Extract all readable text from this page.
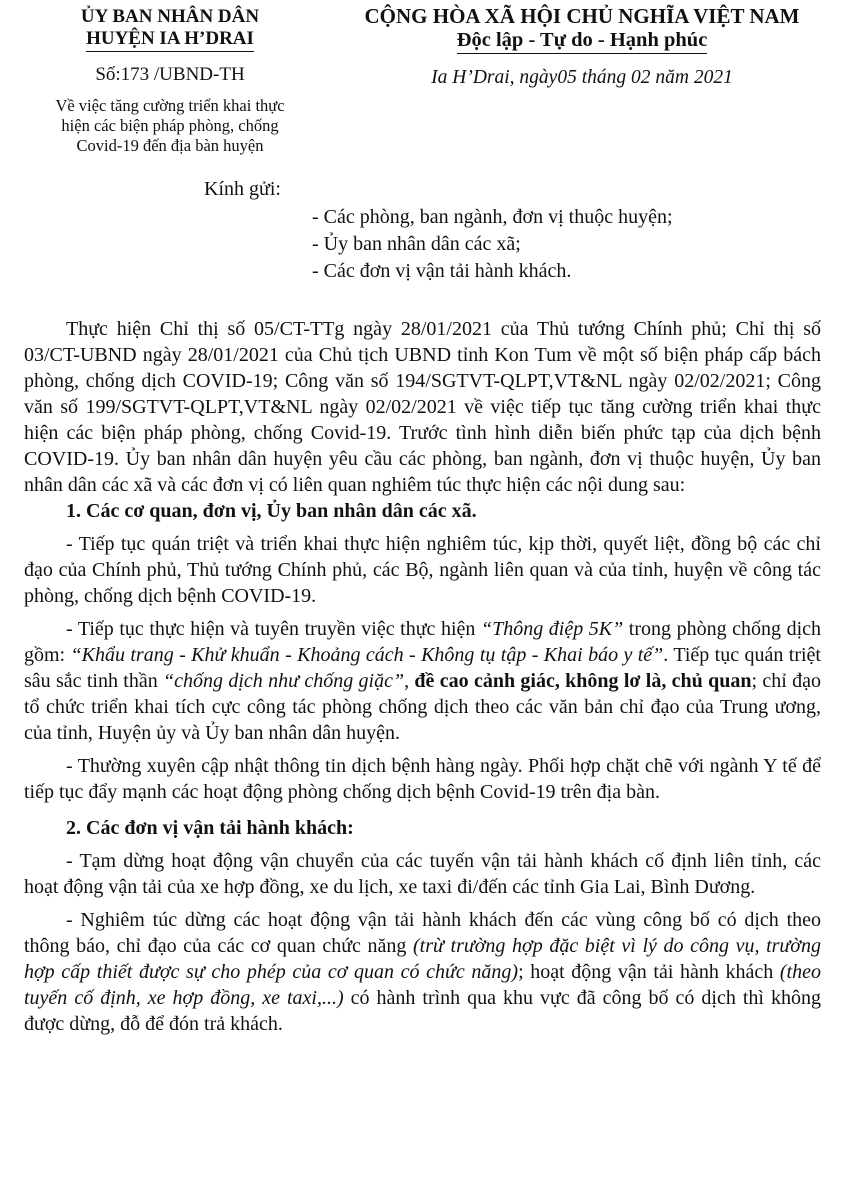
ỦY BAN NHÂN DÂN
HUYỆN IA H’DRAI
Số:173 /UBND-TH
Về việc tăng cường triển khai thực
hiện các biện pháp phòng, chống
Covid-19 đến địa bàn huyện
CỘNG HÒA XÃ HỘI CHỦ NGHĨA VIỆT NAM
Độc lập - Tự do - Hạnh phúc
Ia H’Drai, ngày05 tháng 02 năm 2021
Kính gửi:
- Các phòng, ban ngành, đơn vị thuộc huyện;
- Ủy ban nhân dân các xã;
- Các đơn vị vận tải hành khách.

Thực hiện Chỉ thị số 05/CT-TTg ngày 28/01/2021 của Thủ tướng Chính phủ; Chỉ thị số 03/CT-UBND ngày 28/01/2021 của Chủ tịch UBND tỉnh Kon Tum về một số biện pháp cấp bách phòng, chống dịch COVID-19; Công văn số 194/SGTVT-QLPT,VT&NL ngày 02/02/2021; Công văn số 199/SGTVT-QLPT,VT&NL ngày 02/02/2021 về việc tiếp tục tăng cường triển khai thực hiện các biện pháp phòng, chống Covid-19. Trước tình hình diễn biến phức tạp của dịch bệnh COVID-19. Ủy ban nhân dân huyện yêu cầu các phòng, ban ngành, đơn vị thuộc huyện, Ủy ban nhân dân các xã và các đơn vị có liên quan nghiêm túc thực hiện các nội dung sau:

1. Các cơ quan, đơn vị, Ủy ban nhân dân các xã.

- Tiếp tục quán triệt và triển khai thực hiện nghiêm túc, kịp thời, quyết liệt, đồng bộ các chỉ đạo của Chính phủ, Thủ tướng Chính phủ, các Bộ, ngành liên quan và của tỉnh, huyện về công tác phòng, chống dịch bệnh COVID-19.

- Tiếp tục thực hiện và tuyên truyền việc thực hiện “Thông điệp 5K” trong phòng chống dịch gồm: “Khẩu trang - Khử khuẩn - Khoảng cách - Không tụ tập - Khai báo y tế”. Tiếp tục quán triệt sâu sắc tinh thần “chống dịch như chống giặc”, đề cao cảnh giác, không lơ là, chủ quan; chỉ đạo tổ chức triển khai tích cực công tác phòng chống dịch theo các văn bản chỉ đạo của Trung ương, của tỉnh, Huyện ủy và Ủy ban nhân dân huyện.

- Thường xuyên cập nhật thông tin dịch bệnh hàng ngày. Phối hợp chặt chẽ với ngành Y tế để tiếp tục đẩy mạnh các hoạt động phòng chống dịch bệnh Covid-19 trên địa bàn.

2. Các đơn vị vận tải hành khách:

- Tạm dừng hoạt động vận chuyển của các tuyến vận tải hành khách cố định liên tỉnh, các hoạt động vận tải của xe hợp đồng, xe du lịch, xe taxi đi/đến các tỉnh Gia Lai, Bình Dương.

- Nghiêm túc dừng các hoạt động vận tải hành khách đến các vùng công bố có dịch theo thông báo, chỉ đạo của các cơ quan chức năng (trừ trường hợp đặc biệt vì lý do công vụ, trường hợp cấp thiết được sự cho phép của cơ quan có chức năng); hoạt động vận tải hành khách (theo tuyến cố định, xe hợp đồng, xe taxi,...) có hành trình qua khu vực đã công bố có dịch thì không được dừng, đỗ để đón trả khách.
